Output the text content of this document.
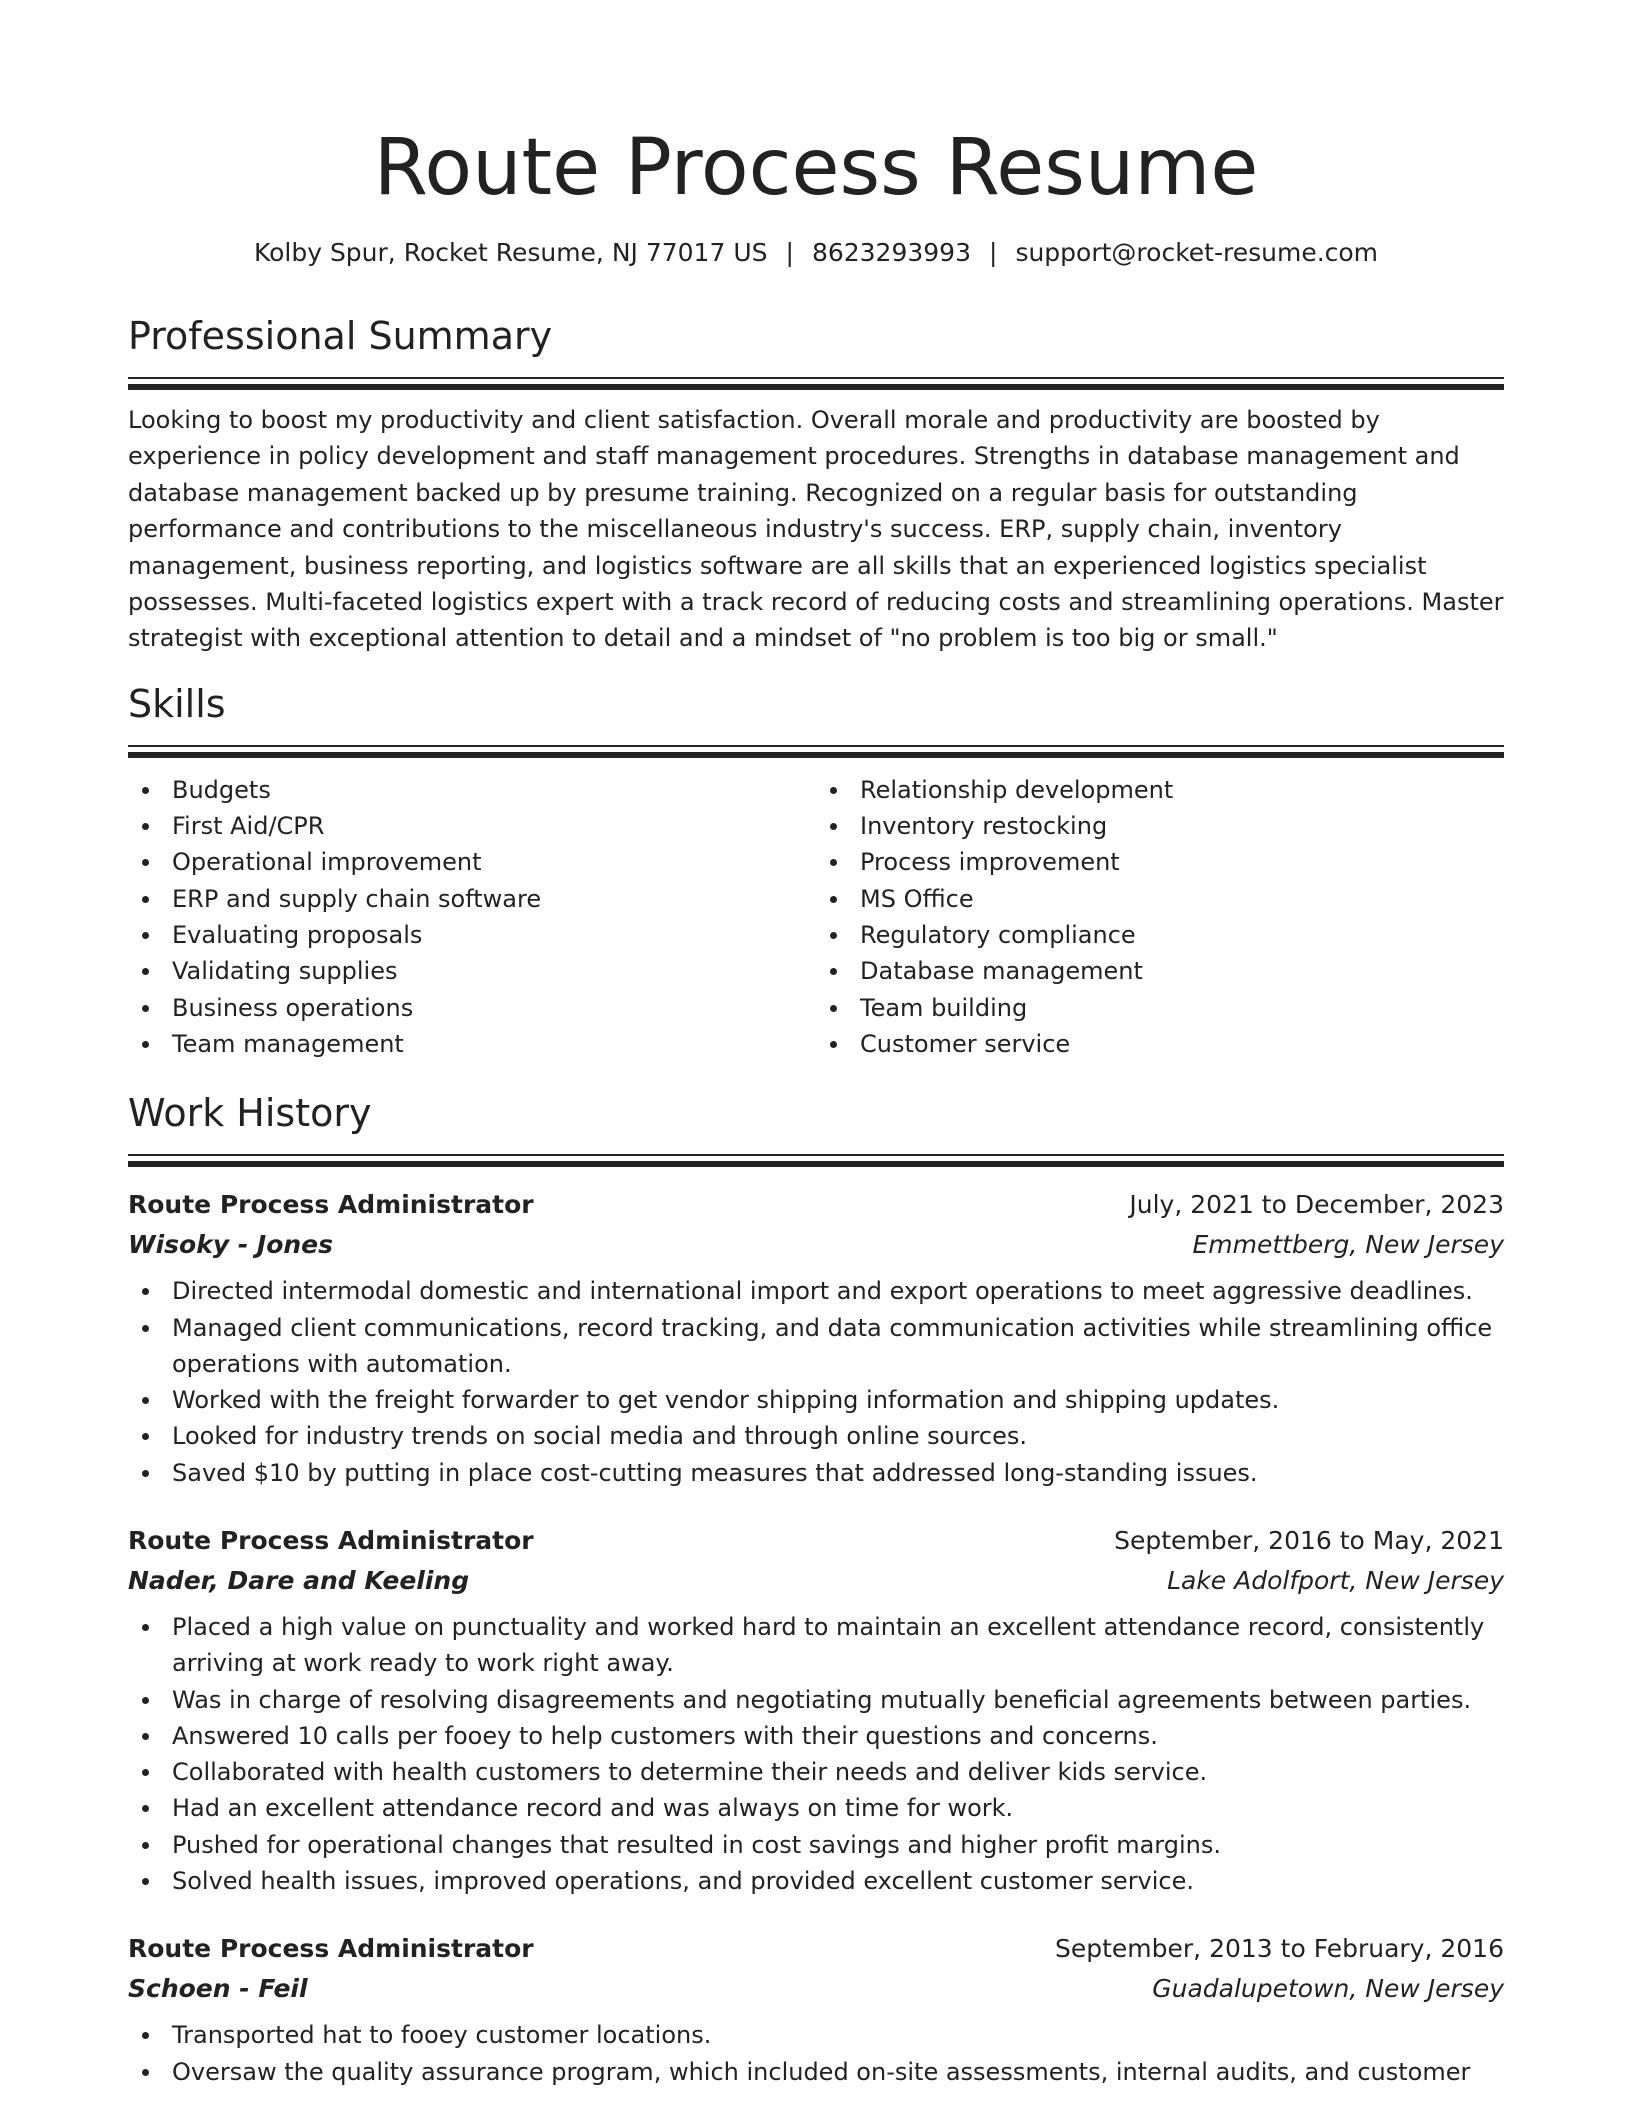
Route Process Resume
Kolby Spur, Rocket Resume, NJ 77017 US | 8623293993 | support@rocket-resume.com
Professional Summary

Looking to boost my productivity and client satisfaction. Overall morale and productivity are boosted by experience in policy development and staff management procedures. Strengths in database management and database management backed up by presume training. Recognized on a regular basis for outstanding performance and contributions to the miscellaneous industry's success. ERP, supply chain, inventory management, business reporting, and logistics software are all skills that an experienced logistics specialist possesses. Multi-faceted logistics expert with a track record of reducing costs and streamlining operations. Master strategist with exceptional attention to detail and a mindset of "no problem is too big or small."

Skills
Budgets
First Aid/CPR
Operational improvement
ERP and supply chain software
Evaluating proposals
Validating supplies
Business operations
Team management
Relationship development
Inventory restocking
Process improvement
MS Office
Regulatory compliance
Database management
Team building
Customer service
Work History
Route Process Administrator	July, 2021 to December, 2023
Wisoky - Jones	Emmettberg, New Jersey
Directed intermodal domestic and international import and export operations to meet aggressive deadlines.
Managed client communications, record tracking, and data communication activities while streamlining office operations with automation.
Worked with the freight forwarder to get vendor shipping information and shipping updates.
Looked for industry trends on social media and through online sources.
Saved $10 by putting in place cost-cutting measures that addressed long-standing issues.
Route Process Administrator	September, 2016 to May, 2021
Nader, Dare and Keeling	Lake Adolfport, New Jersey
Placed a high value on punctuality and worked hard to maintain an excellent attendance record, consistently arriving at work ready to work right away.
Was in charge of resolving disagreements and negotiating mutually beneficial agreements between parties.
Answered 10 calls per fooey to help customers with their questions and concerns.
Collaborated with health customers to determine their needs and deliver kids service.
Had an excellent attendance record and was always on time for work.
Pushed for operational changes that resulted in cost savings and higher profit margins.
Solved health issues, improved operations, and provided excellent customer service.
Route Process Administrator	September, 2013 to February, 2016
Schoen - Feil	Guadalupetown, New Jersey
Transported hat to fooey customer locations.
Oversaw the quality assurance program, which included on-site assessments, internal audits, and customer
